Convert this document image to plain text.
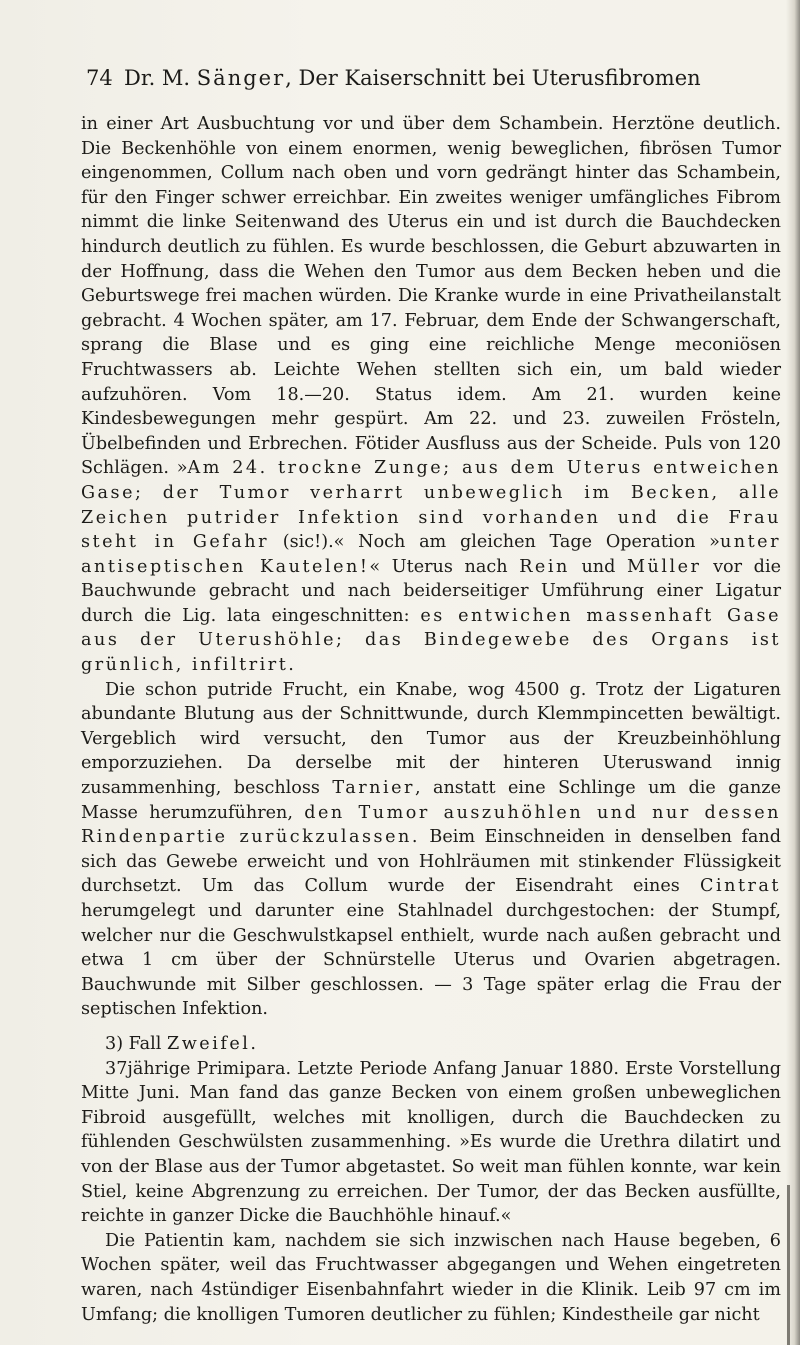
74 Dr. M. Sänger, Der Kaiserschnitt bei Uterusfibromen

in einer Art Ausbuchtung vor und über dem Schambein. Herztöne deutlich. Die Beckenhöhle von einem enormen, wenig beweglichen, fibrösen Tumor eingenommen, Collum nach oben und vorn gedrängt hinter das Schambein, für den Finger schwer erreichbar. Ein zweites weniger umfängliches Fibrom nimmt die linke Seitenwand des Uterus ein und ist durch die Bauchdecken hindurch deutlich zu fühlen. Es wurde beschlossen, die Geburt abzuwarten in der Hoffnung, dass die Wehen den Tumor aus dem Becken heben und die Geburtswege frei machen würden. Die Kranke wurde in eine Privatheilanstalt gebracht. 4 Wochen später, am 17. Februar, dem Ende der Schwangerschaft, sprang die Blase und es ging eine reichliche Menge meconiösen Fruchtwassers ab. Leichte Wehen stellten sich ein, um bald wieder aufzuhören. Vom 18.—20. Status idem. Am 21. wurden keine Kindesbewegungen mehr gespürt. Am 22. und 23. zuweilen Frösteln, Übelbefinden und Erbrechen. Fötider Ausfluss aus der Scheide. Puls von 120 Schlägen. »Am 24. trockne Zunge; aus dem Uterus entweichen Gase; der Tumor verharrt unbeweglich im Becken, alle Zeichen putrider Infektion sind vorhanden und die Frau steht in Gefahr (sic!).« Noch am gleichen Tage Operation »unter antiseptischen Kautelen!« Uterus nach Rein und Müller vor die Bauchwunde gebracht und nach beiderseitiger Umführung einer Ligatur durch die Lig. lata eingeschnitten: es entwichen massenhaft Gase aus der Uterushöhle; das Bindegewebe des Organs ist grünlich, infiltrirt.

Die schon putride Frucht, ein Knabe, wog 4500 g. Trotz der Ligaturen abundante Blutung aus der Schnittwunde, durch Klemmpincetten bewältigt. Vergeblich wird versucht, den Tumor aus der Kreuzbeinhöhlung emporzuziehen. Da derselbe mit der hinteren Uteruswand innig zusammenhing, beschloss Tarnier, anstatt eine Schlinge um die ganze Masse herumzuführen, den Tumor auszuhöhlen und nur dessen Rindenpartie zurückzulassen. Beim Einschneiden in denselben fand sich das Gewebe erweicht und von Hohlräumen mit stinkender Flüssigkeit durchsetzt. Um das Collum wurde der Eisendraht eines Cintrat herumgelegt und darunter eine Stahlnadel durchgestochen: der Stumpf, welcher nur die Geschwulstkapsel enthielt, wurde nach außen gebracht und etwa 1 cm über der Schnürstelle Uterus und Ovarien abgetragen. Bauchwunde mit Silber geschlossen. — 3 Tage später erlag die Frau der septischen Infektion.

3) Fall Zweifel.

37jährige Primipara. Letzte Periode Anfang Januar 1880. Erste Vorstellung Mitte Juni. Man fand das ganze Becken von einem großen unbeweglichen Fibroid ausgefüllt, welches mit knolligen, durch die Bauchdecken zu fühlenden Geschwülsten zusammenhing. »Es wurde die Urethra dilatirt und von der Blase aus der Tumor abgetastet. So weit man fühlen konnte, war kein Stiel, keine Abgrenzung zu erreichen. Der Tumor, der das Becken ausfüllte, reichte in ganzer Dicke die Bauchhöhle hinauf.«

Die Patientin kam, nachdem sie sich inzwischen nach Hause begeben, 6 Wochen später, weil das Fruchtwasser abgegangen und Wehen eingetreten waren, nach 4stündiger Eisenbahnfahrt wieder in die Klinik. Leib 97 cm im Umfang; die knolligen Tumoren deutlicher zu fühlen; Kindestheile gar nicht
